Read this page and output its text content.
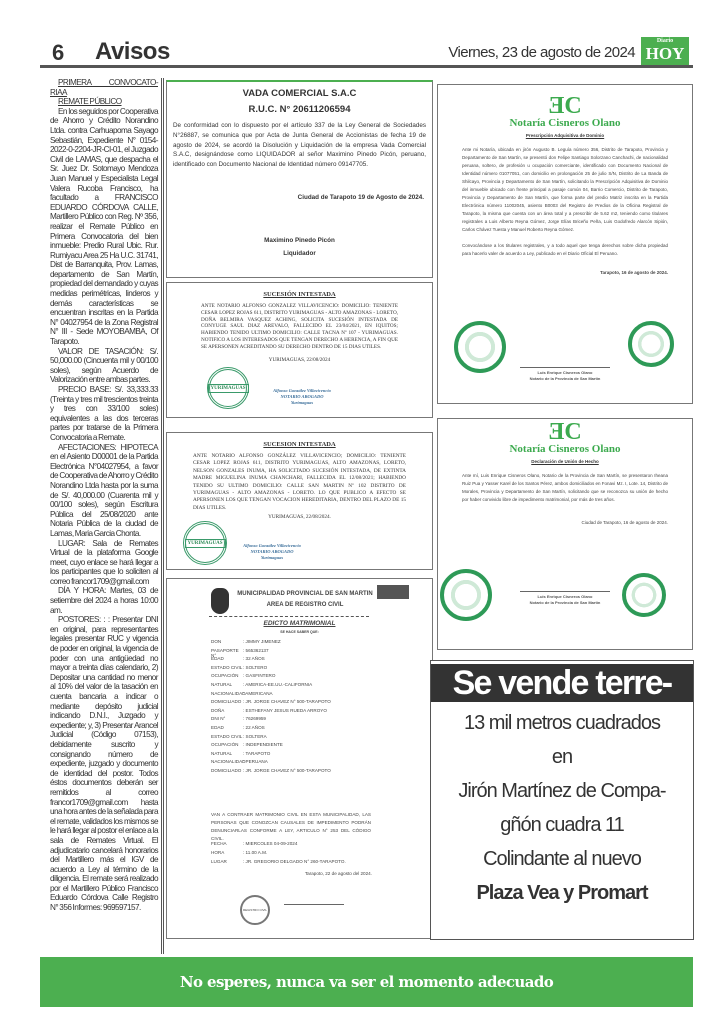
6 Avisos	Viernes, 23 de agosto de 2024
Diario
HOY
PRIMERA CONVOCATO-RIAA
REMATE PÚBLICO

En los seguidos por Cooperativa de Ahorro y Crédito Norandino Ltda. contra Carhuapoma Sayago Sebastián, Expediente N° 0154-2022-0-2204-JR-CI-01, el Juzgado Civil de LAMAS, que despacha el Sr. Juez Dr. Sotomayo Mendoza Juan Manuel y Especialista Legal Valera Rucoba Francisco, ha facultado a FRANCISCO EDUARDO CÓRDOVA CALLE, Martillero Público con Reg. Nº 356, realizar el Remate Público en Primera Convocatoria del bien inmueble: Predio Rural Ubic. Rur. Rumiyacu Area 25 Ha U.C. 31741, Dist de Barranquita, Prov. Lamas, departamento de San Martín, propiedad del demandado y cuyas medidas perimétricas, linderos y demás características se encuentran inscritas en la Partida N° 04027954 de la Zona Registral N° III - Sede MOYOBAMBA, Of Tarapoto.

VALOR DE TASACIÓN: S/. 50,000.00 (Cincuenta mil y 00/100 soles), según Acuerdo de Valorización entre ambas partes.

PRECIO BASE: S/. 33,333.33 (Treinta y tres mil trescientos treinta y tres con 33/100 soles) equivalentes a las dos terceras partes por tratarse de la Primera Convocatoria a Remate.

AFECTACIONES: HIPOTECA en el Asiento D00001 de la Partida Electrónica N°04027954, a favor de Cooperativa de Ahorro y Crédito Norandino Ltda hasta por la suma de S/. 40,000.00 (Cuarenta mil y 00/100 soles), según Escritura Pública del 25/08/2020 ante Notaria Pública de la ciudad de Lamas, Maria Garcia Chonta.

LUGAR: Sala de Remates Virtual de la plataforma Google meet, cuyo enlace se hará llegar a los participantes que lo soliciten al correo francor1709@gmail.com

DÍA Y HORA: Martes, 03 de setiembre del 2024 a horas 10:00 am.

POSTORES: : : Presentar DNI en original, para representantes legales presentar RUC y vigencia de poder en original, la vigencia de poder con una antigüedad no mayor a treinta días calendario, 2) Depositar una cantidad no menor al 10% del valor de la tasación en cuenta bancaria a indicar o mediante depósito judicial indicando D.N.I., Juzgado y expediente; y, 3) Presentar Arancel Judicial (Código 07153), debidamente suscrito y consignando número de expediente, juzgado y documento de identidad del postor. Todos éstos documentos deberán ser remitidos al correo francor1709@gmail.com hasta una hora antes de la señalada para el remate, validados los mismos se le hará llegar al postor el enlace a la sala de Remates Virtual. El adjudicatario cancelará honorarios del Martillero más el IGV de acuerdo a Ley al término de la diligencia. El remate será realizado por el Martillero Público Francisco Eduardo Córdova Calle Registro N° 356 Informes: 969597157.

VADA COMERCIAL S.A.C
R.U.C. N° 20611206594
De conformidad con lo dispuesto por el artículo 337 de la Ley General de Sociedades N°26887, se comunica que por Acta de Junta General de Accionistas de fecha 19 de agosto de 2024, se acordó la Disolución y Liquidación de la empresa Vada Comercial S.A.C, designándose como LIQUIDADOR al señor Maximino Pinedo Picón, peruano, identificado con Documento Nacional de Identidad número 09147705.
Ciudad de Tarapoto 19 de Agosto de 2024.
Maximino Pinedo Picón
Liquidador
SUCESIÓN INTESTADA
ANTE NOTARIO ALFONSO GONZALEZ VILLAVICENCIO: DOMICILIO: TENIENTE CESAR LOPEZ ROJAS 611, DISTRITO YURIMAGUAS - ALTO AMAZONAS - LORETO, DOÑA BELMIRA VASQUEZ ACHING, SOLICITA SUCESIÓN INTESTADA DE CONYUGE SAUL DIAZ AREVALO, FALLECIDO EL 23/04/2021, EN IQUITOS; HABIENDO TENIDO ULTIMO DOMICILIO: CALLE TACNA Nº 107 - YURIMAGUAS. NOTIFICO A LOS INTERESADOS QUE TENGAN DERECHO A HERENCIA, A FIN QUE SE APERSONEN ACREDITANDO SU DERECHO DENTRO DE 15 DIAS UTILES.
YURIMAGUAS, 22/08/2024
YURIMAGUAS	Alfonso González Villavicencio
NOTARIO ABOGADO
Yurimaguas
SUCESION INTESTADA
ANTE NOTARIO ALFONSO GONZÁLEZ VILLAVICENCIO; DOMICILIO: TENIENTE CESAR LOPEZ ROJAS 611, DISTRITO YURIMAGUAS, ALTO AMAZONAS, LORETO, NELSON GONZALES INUMA, HA SOLICITADO SUCESIÓN INTESTADA, DE EXTINTA MADRE MIGUELINA INUMA CHANCHARI, FALLECIDA EL 12/08/2021; HABIENDO TENIDO SU ULTIMO DOMICILIO: CALLE SAN MARTIN Nº 102 DISTRITO DE YURIMAGUAS - ALTO AMAZONAS - LORETO. LO QUE PUBLICO A EFECTO SE APERSONEN LOS QUE TENGAN VOCACION HEREDITARIA, DENTRO DEL PLAZO DE 15 DIAS UTILES.
YURIMAGUAS, 22/08/2024.
YURIMAGUAS	Alfonso González Villavicencio
NOTARIO ABOGADO
Yurimaguas
MUNICIPALIDAD PROVINCIAL DE SAN MARTIN
AREA DE REGISTRO CIVIL
EDICTO MATRIMONIAL
SE HACE SABER QUE:
DON	: JIMMY JIMENEZ
PASAPORTE N°
: 565362137
EDAD	: 32 AÑOS
ESTADO CIVIL : SOLTERO
OCUPACIÓN : GASFINTERO
NATURAL	: AMERICA-EE.UU.-CALIFORNIA
NACIONALIDAD
: AMERICANA
DOMICILIADO : JR. JORGE CHAVEZ N° 500-TARAPOTO
DOÑA	: ESTHEFANY JESUS RUEDA ARROYO
DNI N°	: 76269959
EDAD	: 22 AÑOS
ESTADO CIVIL : SOLTERA
OCUPACIÓN : INDEPENDIENTE
NATURAL	: TARAPOTO
NACIONALIDAD
: PERUANA
DOMICILIADO : JR. JORGE CHAVEZ N° 500-TARAPOTO
VAN A CONTRAER MATRIMONIO CIVIL EN ESTA MUNICIPALIDAD, LAS PERSONAS QUE CONOZCAN CAUSALES DE IMPEDIMENTO PODRÁN DENUNCIARLAS CONFORME A LEY, ARTICULO N° 253 DEL CÓDIGO CIVIL.
FECHA	: MIERCOLES 04-09-2024
HORA	: 11.00 A.M.
LUGAR	: JR. GREGORIO DELGADO N° 260-TARAPOTO.
Tarapoto, 22 de agosto del 2024.
REGISTRO CIVIL
ƎC
Notaría Cisneros Olano
Prescripción Adquisitiva de Dominio
Ante mi Notaría, ubicada en jirón Augusto B. Leguía número 356, Distrito de Tarapoto, Provincia y Departamento de San Martín, se presentó don Felipe Santiago Solorzano Canchachi, de nacionalidad peruana, soltero, de profesión u ocupación comerciante, identificado con Documento Nacional de Identidad número 01077051, con domicilio en prolongación 25 de julio S/N, Distrito de La Banda de Shilcayo, Provincia y Departamento de San Martín, solicitando la Prescripción Adquisitiva de Dominio del inmueble ubicado con frente principal a pasaje común 04, Barrio Comercio, Distrito de Tarapoto, Provincia y Departamento de San Martín, que forma parte del predio Matriz inscrita en la Partida Electrónica número 11002045, asiento B0003 del Registro de Predios de la Oficina Registral de Tarapoto, la misma que cuenta con un área total y a prescribir de 5.62 m2, teniendo como titulares registrales a Luis Alberto Reyna Gómez, Jorge Elías Briceño Peña, Luis Godofredo Alarcón Sipión, Carlos Chávez Tuesta y Manuel Roberto Reyna Gómez.
Convocándose a los titulares registrales, y a todo aquel que tenga derechos sobre dicha propiedad para hacerlo valer de acuerdo a Ley, publicado en el Diario Oficial El Peruano.
Tarapoto, 16 de agosto de 2024.
Luis Enrique Cisneros Olano
Notario de la Provincia de San Martín
ƎC
Notaría Cisneros Olano
Declaración de Unión de Hecho
Ante mí, Luis Enrique Cisneros Olano, Notario de la Provincia de San Martín, se presentaron Iheana Ruiz Pua y Yasser Karel de los Santos Pérez, ambos domiciliados en Fonavi Mz. I, Lote. 14, Distrito de Morales, Provincia y Departamento de San Martín, solicitando que se reconozca su unión de hecho por haber convivido libre de impedimento matrimonial, por más de tres años.
Ciudad de Tarapoto, 16 de agosto de 2024.
Luis Enrique Cisneros Olano
Notario de la Provincia de San Martín
Se vende terre-
13 mil metros cuadrados
en
Jirón Martínez de Compa-
gñón cuadra 11
Colindante al nuevo
Plaza Vea y Promart
No esperes, nunca va ser el momento adecuado
